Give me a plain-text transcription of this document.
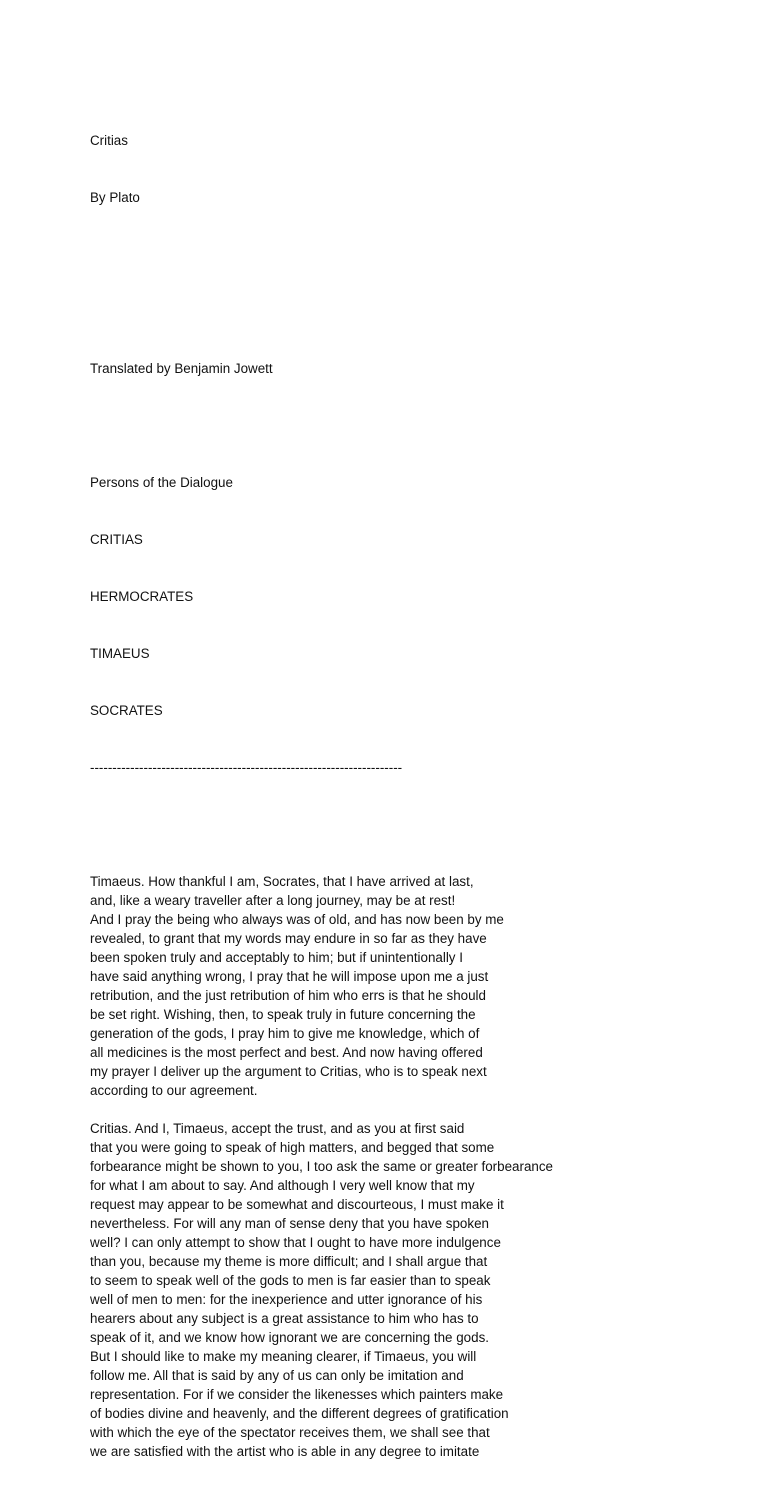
Critias

By Plato

Translated by Benjamin Jowett

Persons of the Dialogue

CRITIAS

HERMOCRATES

TIMAEUS

SOCRATES

----------------------------------------------------------------------

Timaeus. How thankful I am, Socrates, that I have arrived at last,
and, like a weary traveller after a long journey, may be at rest!
And I pray the being who always was of old, and has now been by me
revealed, to grant that my words may endure in so far as they have
been spoken truly and acceptably to him; but if unintentionally I
have said anything wrong, I pray that he will impose upon me a just
retribution, and the just retribution of him who errs is that he should
be set right. Wishing, then, to speak truly in future concerning the
generation of the gods, I pray him to give me knowledge, which of
all medicines is the most perfect and best. And now having offered
my prayer I deliver up the argument to Critias, who is to speak next
according to our agreement.
Critias. And I, Timaeus, accept the trust, and as you at first said
that you were going to speak of high matters, and begged that some
forbearance might be shown to you, I too ask the same or greater forbearance
for what I am about to say. And although I very well know that my
request may appear to be somewhat and discourteous, I must make it
nevertheless. For will any man of sense deny that you have spoken
well? I can only attempt to show that I ought to have more indulgence
than you, because my theme is more difficult; and I shall argue that
to seem to speak well of the gods to men is far easier than to speak
well of men to men: for the inexperience and utter ignorance of his
hearers about any subject is a great assistance to him who has to
speak of it, and we know how ignorant we are concerning the gods.
But I should like to make my meaning clearer, if Timaeus, you will
follow me. All that is said by any of us can only be imitation and
representation. For if we consider the likenesses which painters make
of bodies divine and heavenly, and the different degrees of gratification
with which the eye of the spectator receives them, we shall see that
we are satisfied with the artist who is able in any degree to imitate
